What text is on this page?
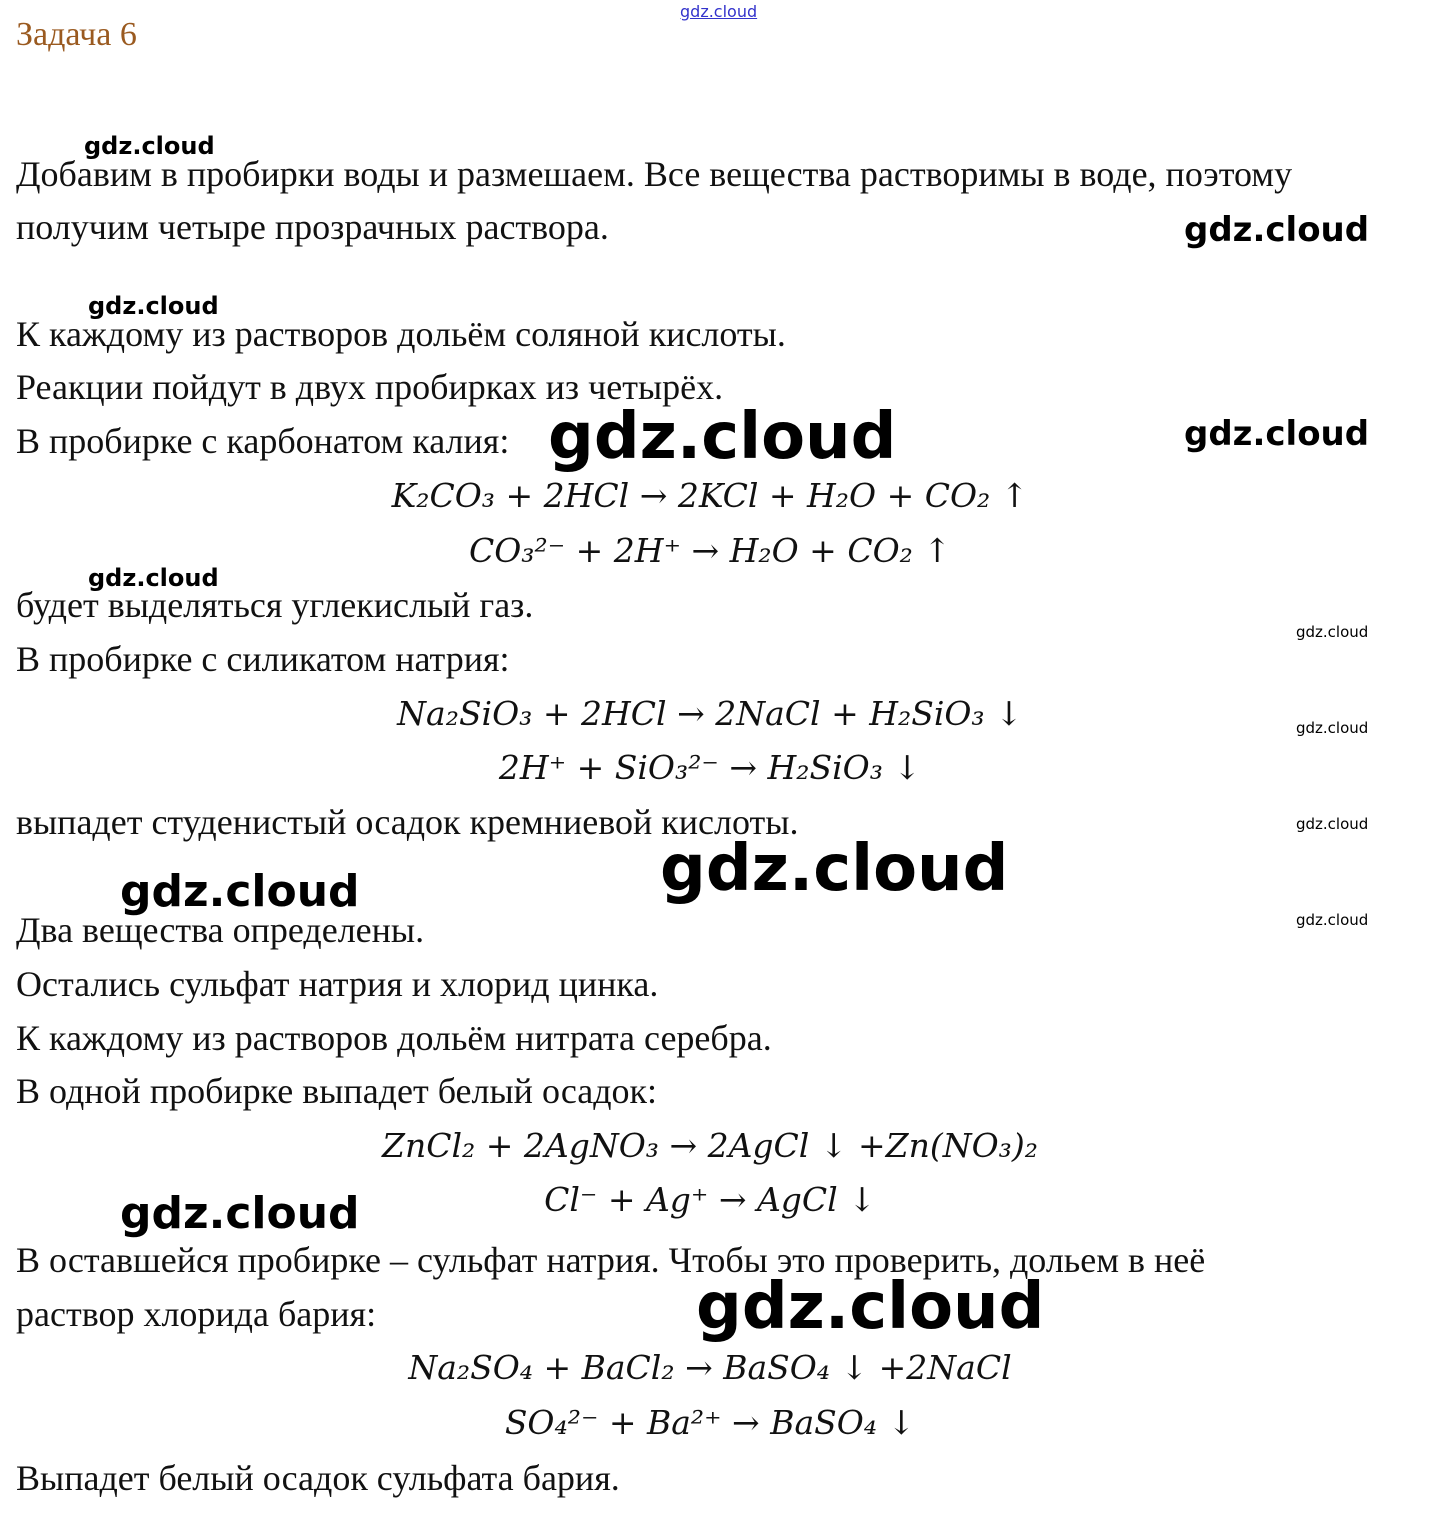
gdz.cloud
Задача 6
Добавим в пробирки воды и размешаем. Все вещества растворимы в воде, поэтому
получим четыре прозрачных раствора.
К каждому из растворов дольём соляной кислоты.
Реакции пойдут в двух пробирках из четырёх.
В пробирке с карбонатом калия:
K₂CO₃ + 2HCl → 2KCl + H₂O + CO₂ ↑
CO₃²⁻ + 2H⁺ → H₂O + CO₂ ↑
будет выделяться углекислый газ.
В пробирке с силикатом натрия:
Na₂SiO₃ + 2HCl → 2NaCl + H₂SiO₃ ↓
2H⁺ + SiO₃²⁻ → H₂SiO₃ ↓
выпадет студенистый осадок кремниевой кислоты.
Два вещества определены.
Остались сульфат натрия и хлорид цинка.
К каждому из растворов дольём нитрата серебра.
В одной пробирке выпадет белый осадок:
ZnCl₂ + 2AgNO₃ → 2AgCl ↓ +Zn(NO₃)₂
Cl⁻ + Ag⁺ → AgCl ↓
В оставшейся пробирке – сульфат натрия. Чтобы это проверить, дольем в неё
раствор хлорида бария:
Na₂SO₄ + BaCl₂ → BaSO₄ ↓ +2NaCl
SO₄²⁻ + Ba²⁺ → BaSO₄ ↓
Выпадет белый осадок сульфата бария.
gdz.cloud
gdz.cloud
gdz.cloud
gdz.cloud	gdz.cloud
gdz.cloud
gdz.cloud
gdz.cloud
gdz.cloud
gdz.cloud
gdz.cloud
gdz.cloud
gdz.cloud
gdz.cloud
